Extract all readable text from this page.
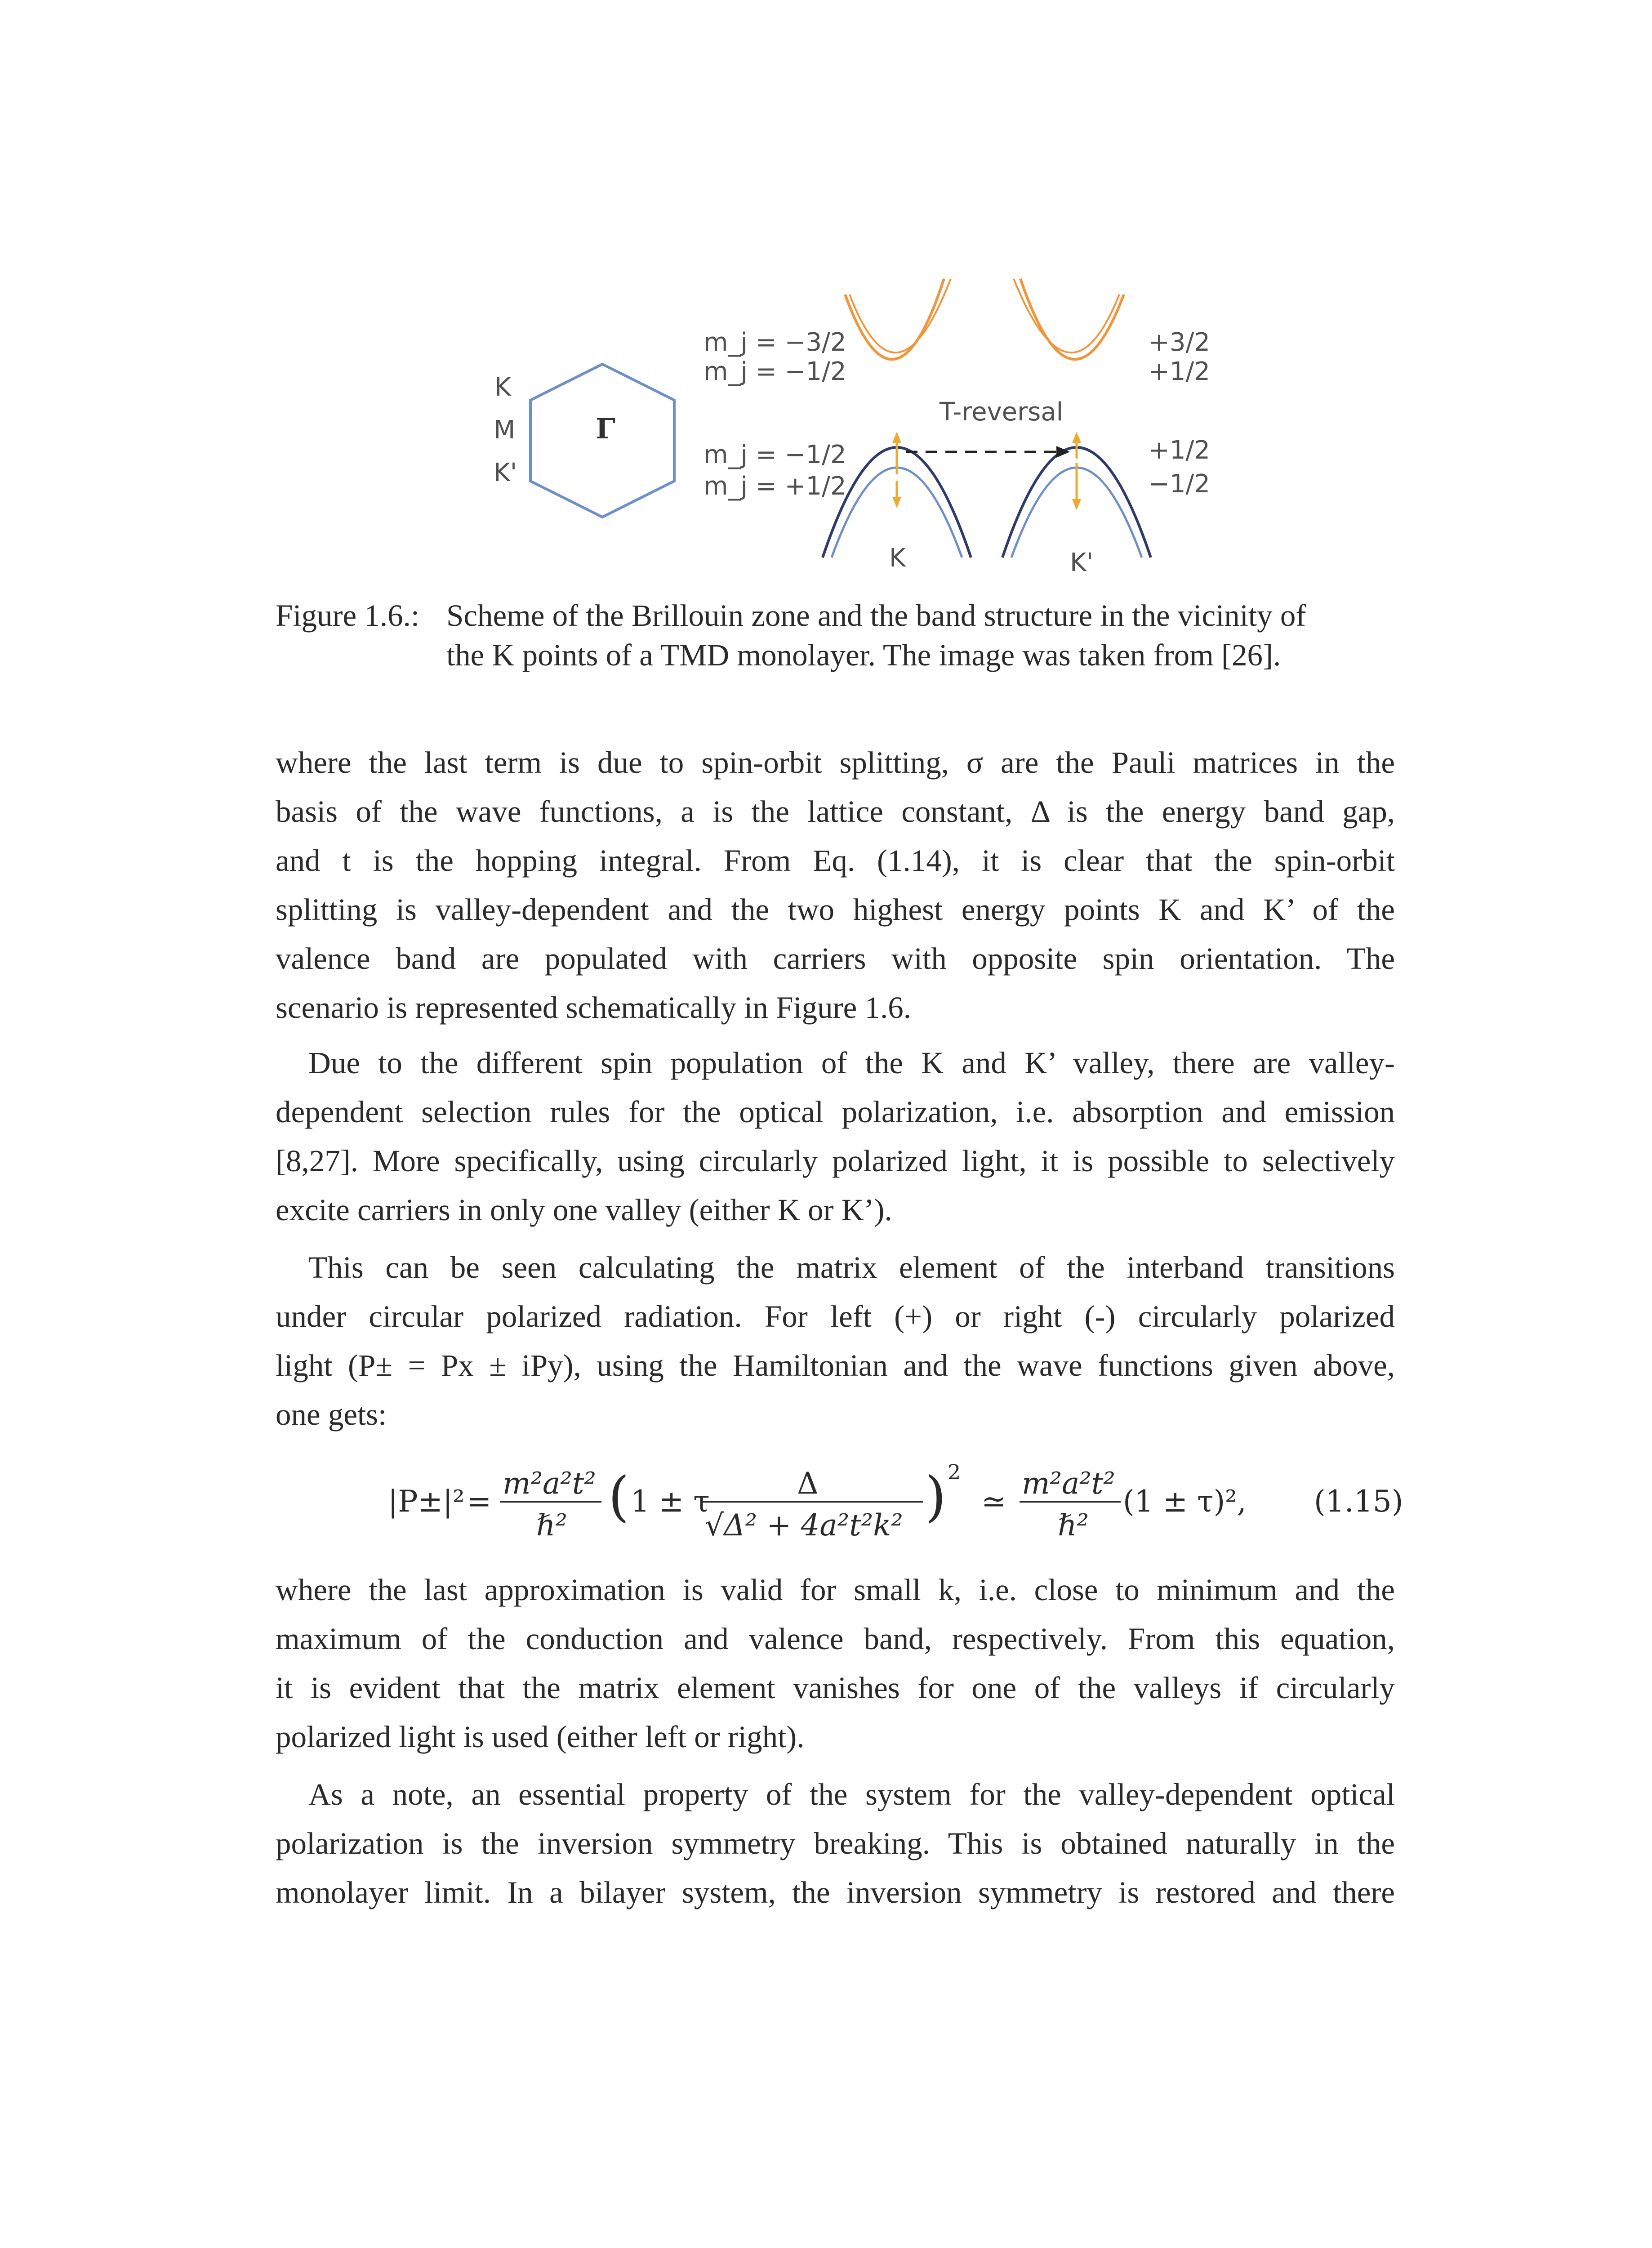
K
M
K'
Γ
m_j = −3/2
m_j = −1/2
m_j = −1/2
m_j = +1/2
T-reversal
+3/2
+1/2
+1/2
−1/2
K	K'
Figure 1.6.: Scheme of the Brillouin zone and the band structure in the vicinity of
the K points of a TMD monolayer. The image was taken from [26].
where the last term is due to spin-orbit splitting, σ are the Pauli matrices in the
basis of the wave functions, a is the lattice constant, Δ is the energy band gap,
and t is the hopping integral. From Eq. (1.14), it is clear that the spin-orbit
splitting is valley-dependent and the two highest energy points K and K’ of the
valence band are populated with carriers with opposite spin orientation. The
scenario is represented schematically in Figure 1.6.
Due to the different spin population of the K and K’ valley, there are valley-
dependent selection rules for the optical polarization, i.e. absorption and emission
[8,27]. More specifically, using circularly polarized light, it is possible to selectively
excite carriers in only one valley (either K or K’).
This can be seen calculating the matrix element of the interband transitions
under circular polarized radiation. For left (+) or right (-) circularly polarized
light (P± = Px ± iPy), using the Hamiltonian and the wave functions given above,
one gets:
|P±|² =
m²a²t²
ℏ² ( 1 ± τ
Δ
√Δ² + 4a²t²k² ) 2
≃
m²a²t²
ℏ²
(1 ± τ)², (1.15)
where the last approximation is valid for small k, i.e. close to minimum and the
maximum of the conduction and valence band, respectively. From this equation,
it is evident that the matrix element vanishes for one of the valleys if circularly
polarized light is used (either left or right).
As a note, an essential property of the system for the valley-dependent optical
polarization is the inversion symmetry breaking. This is obtained naturally in the
monolayer limit. In a bilayer system, the inversion symmetry is restored and there
